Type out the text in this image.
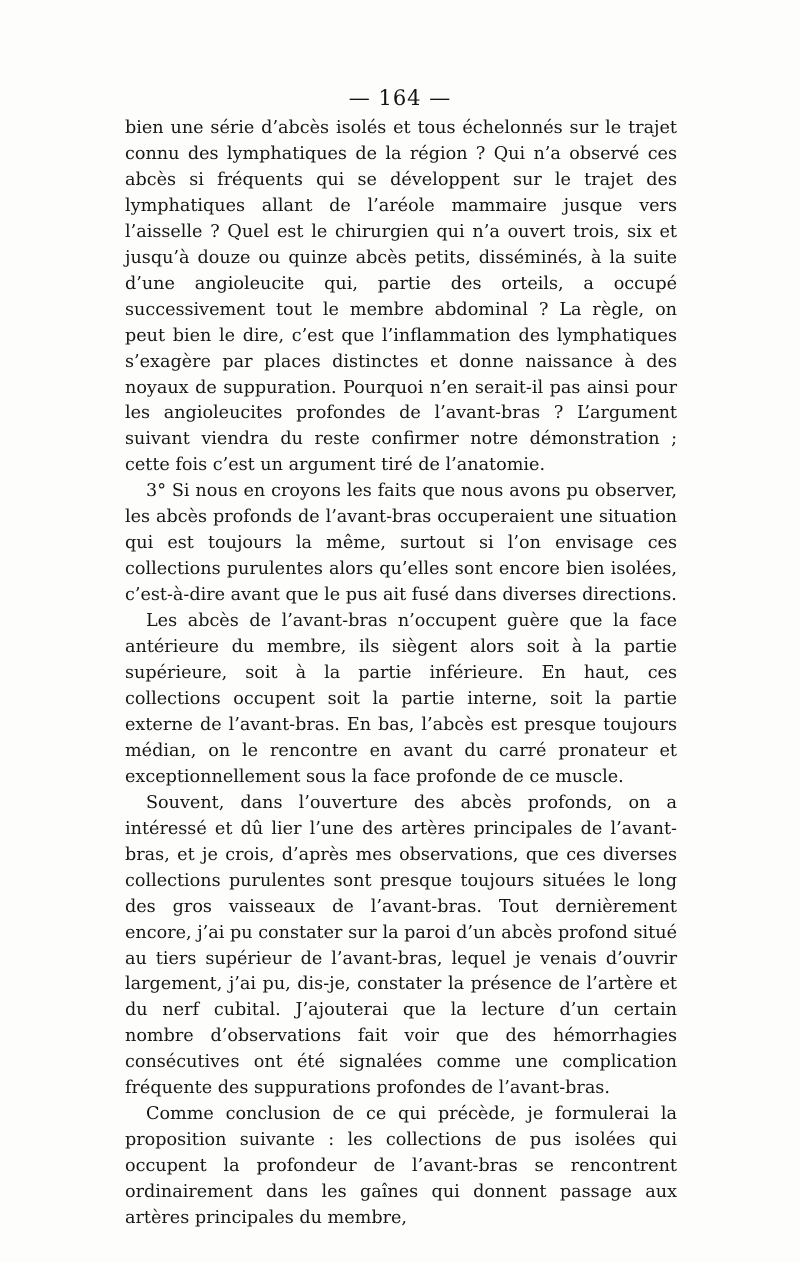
— 164 —

bien une série d’abcès isolés et tous échelonnés sur le trajet connu des lymphatiques de la région ? Qui n’a observé ces abcès si fréquents qui se développent sur le trajet des lymphatiques allant de l’aréole mammaire jusque vers l’aisselle ? Quel est le chirurgien qui n’a ouvert trois, six et jusqu’à douze ou quinze abcès petits, disséminés, à la suite d’une angioleucite qui, partie des orteils, a occupé successivement tout le membre abdominal ? La règle, on peut bien le dire, c’est que l’inflammation des lymphatiques s’exagère par places distinctes et donne naissance à des noyaux de suppuration. Pourquoi n’en serait-il pas ainsi pour les angioleucites profondes de l’avant-bras ? L’argument suivant viendra du reste confirmer notre démonstration ; cette fois c’est un argument tiré de l’anatomie.

3° Si nous en croyons les faits que nous avons pu observer, les abcès profonds de l’avant-bras occuperaient une situation qui est toujours la même, surtout si l’on envisage ces collections purulentes alors qu’elles sont encore bien isolées, c’est-à-dire avant que le pus ait fusé dans diverses directions.

Les abcès de l’avant-bras n’occupent guère que la face antérieure du membre, ils siègent alors soit à la partie supérieure, soit à la partie inférieure. En haut, ces collections occupent soit la partie interne, soit la partie externe de l’avant-bras. En bas, l’abcès est presque toujours médian, on le rencontre en avant du carré pronateur et exceptionnellement sous la face profonde de ce muscle.

Souvent, dans l’ouverture des abcès profonds, on a intéressé et dû lier l’une des artères principales de l’avant-bras, et je crois, d’après mes observations, que ces diverses collections purulentes sont presque toujours situées le long des gros vaisseaux de l’avant-bras. Tout dernièrement encore, j’ai pu constater sur la paroi d’un abcès profond situé au tiers supérieur de l’avant-bras, lequel je venais d’ouvrir largement, j’ai pu, dis-je, constater la présence de l’artère et du nerf cubital. J’ajouterai que la lecture d’un certain nombre d’observations fait voir que des hémorrhagies consécutives ont été signalées comme une complication fréquente des suppurations profondes de l’avant-bras.

Comme conclusion de ce qui précède, je formulerai la proposition suivante : les collections de pus isolées qui occupent la profondeur de l’avant-bras se rencontrent ordinairement dans les gaînes qui donnent passage aux artères principales du membre,
